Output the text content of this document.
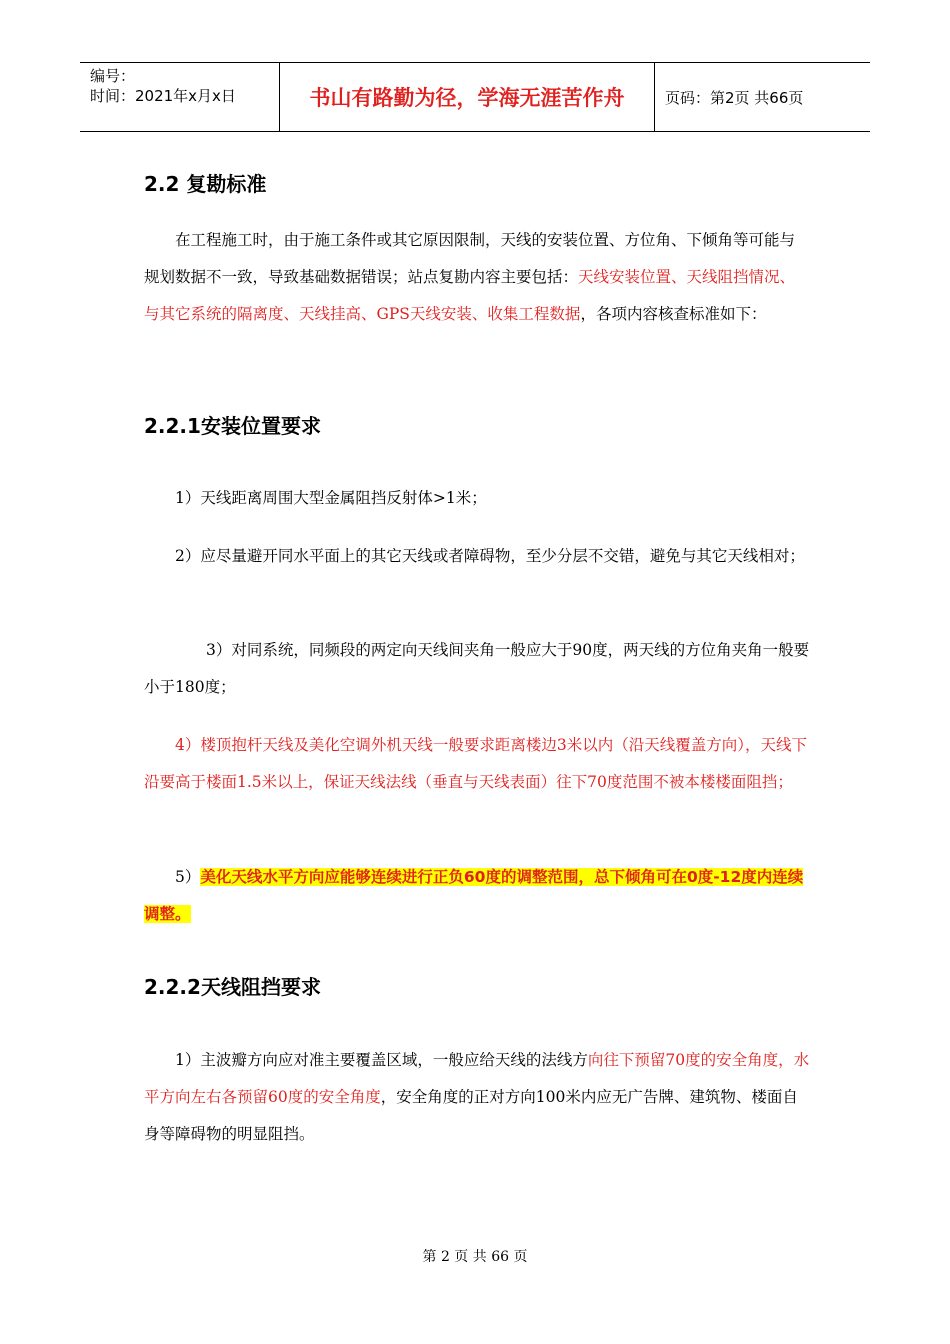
编号：
时间：2021年x月x日	书山有路勤为径，学海无涯苦作舟	页码：第2页 共66页
2.2 复勘标准

在工程施工时，由于施工条件或其它原因限制，天线的安装位置、方位角、下倾角等可能与规划数据不一致，导致基础数据错误；站点复勘内容主要包括：天线安装位置、天线阻挡情况、与其它系统的隔离度、天线挂高、GPS天线安装、收集工程数据，各项内容核查标准如下：

2.2.1安装位置要求

1）天线距离周围大型金属阻挡反射体>1米；

2）应尽量避开同水平面上的其它天线或者障碍物，至少分层不交错，避免与其它天线相对；

3）对同系统，同频段的两定向天线间夹角一般应大于90度，两天线的方位角夹角一般要小于180度；

4）楼顶抱杆天线及美化空调外机天线一般要求距离楼边3米以内（沿天线覆盖方向），天线下沿要高于楼面1.5米以上，保证天线法线（垂直与天线表面）往下70度范围不被本楼楼面阻挡；

5）美化天线水平方向应能够连续进行正负60度的调整范围，总下倾角可在0度-12度内连续调整。

2.2.2天线阻挡要求

1）主波瓣方向应对准主要覆盖区域，一般应给天线的法线方向往下预留70度的安全角度，水平方向左右各预留60度的安全角度，安全角度的正对方向100米内应无广告牌、建筑物、楼面自身等障碍物的明显阻挡。

第 2 页 共 66 页
